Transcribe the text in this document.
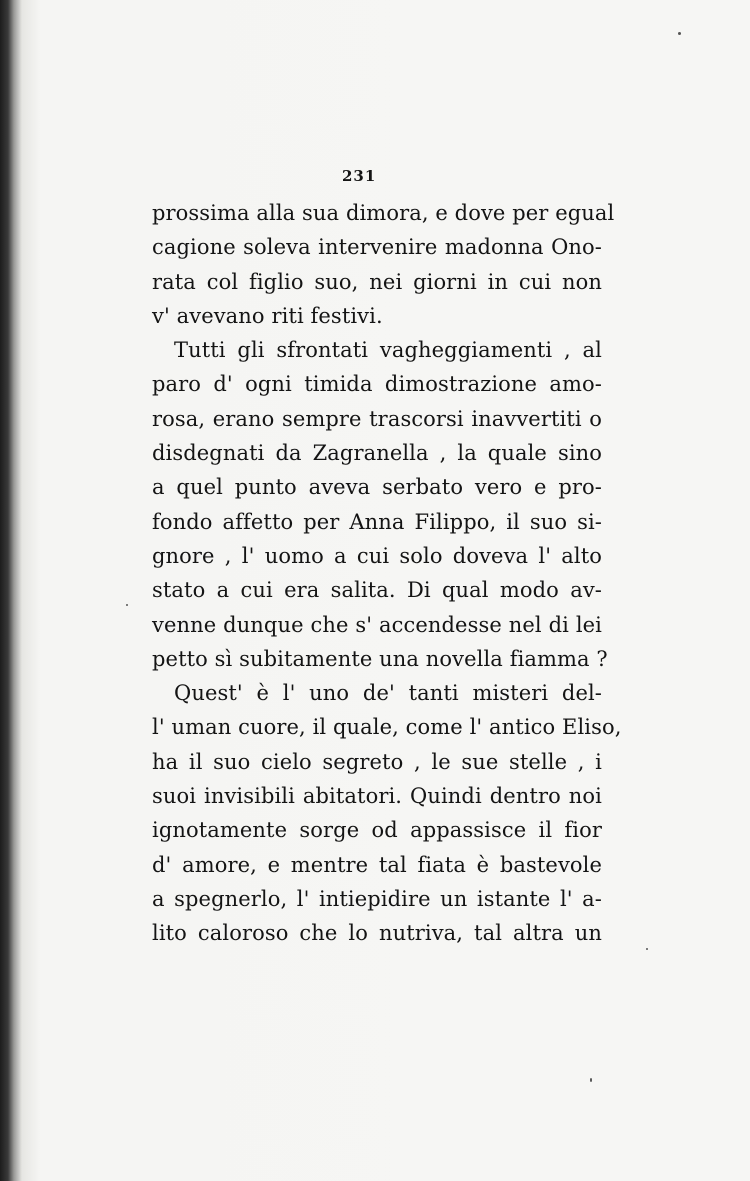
231
prossima alla sua dimora, e dove per egual
cagione soleva intervenire madonna Ono-
rata col figlio suo, nei giorni in cui non
v' avevano riti festivi.
Tutti gli sfrontati vagheggiamenti , al
paro d' ogni timida dimostrazione amo-
rosa, erano sempre trascorsi inavvertiti o
disdegnati da Zagranella , la quale sino
a quel punto aveva serbato vero e pro-
fondo affetto per Anna Filippo, il suo si-
gnore , l' uomo a cui solo doveva l' alto
stato a cui era salita. Di qual modo av-
venne dunque che s' accendesse nel di lei
petto sì subitamente una novella fiamma ?
Quest' è l' uno de' tanti misteri del-
l' uman cuore, il quale, come l' antico Eliso,
ha il suo cielo segreto , le sue stelle , i
suoi invisibili abitatori. Quindi dentro noi
ignotamente sorge od appassisce il fior
d' amore, e mentre tal fiata è bastevole
a spegnerlo, l' intiepidire un istante l' a-
lito caloroso che lo nutriva, tal altra un
